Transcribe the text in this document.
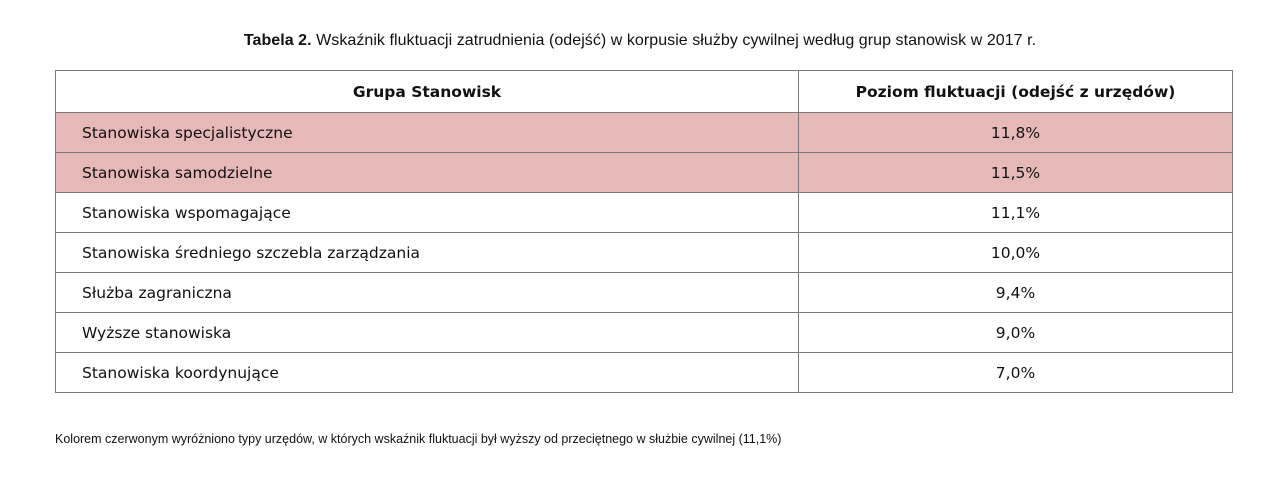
Tabela 2. Wskaźnik fluktuacji zatrudnienia (odejść) w korpusie służby cywilnej według grup stanowisk w 2017 r.
Grupa Stanowisk	Poziom fluktuacji (odejść z urzędów)
Stanowiska specjalistyczne	11,8%
Stanowiska samodzielne	11,5%
Stanowiska wspomagające	11,1%
Stanowiska średniego szczebla zarządzania	10,0%
Służba zagraniczna	9,4%
Wyższe stanowiska	9,0%
Stanowiska koordynujące	7,0%
Kolorem czerwonym wyróżniono typy urzędów, w których wskaźnik fluktuacji był wyższy od przeciętnego w służbie cywilnej (11,1%)
